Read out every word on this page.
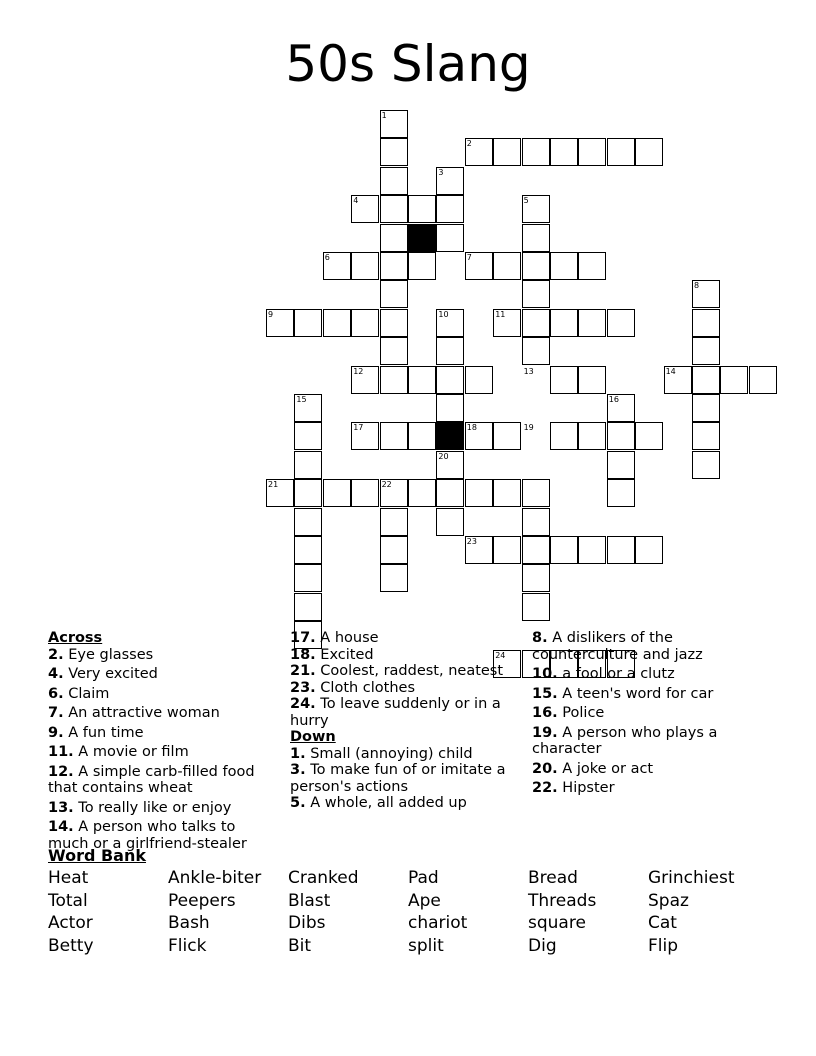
50s Slang
1
2
3
4	5
6	7
8
9	10	11
12	13	14
15	16
17	18	19
20
21	22
23
24
Across
2. Eye glasses
4. Very excited
6. Claim
7. An attractive woman
9. A fun time
11. A movie or film
12. A simple carb-filled food that contains wheat
13. To really like or enjoy
14. A person who talks to much or a girlfriend-stealer
17. A house
18. Excited
21. Coolest, raddest, neatest
23. Cloth clothes
24. To leave suddenly or in a hurry
Down
1. Small (annoying) child
3. To make fun of or imitate a person's actions
5. A whole, all added up
8. A dislikers of the counterculture and jazz
10. a fool or a clutz
15. A teen's word for car
16. Police
19. A person who plays a character
20. A joke or act
22. Hipster
Word Bank
Heat	Ankle-biter Cranked	Pad	Bread	Grinchiest
Total	Peepers	Blast	Ape	Threads	Spaz
Actor	Bash	Dibs	chariot	square	Cat
Betty	Flick	Bit	split	Dig	Flip
